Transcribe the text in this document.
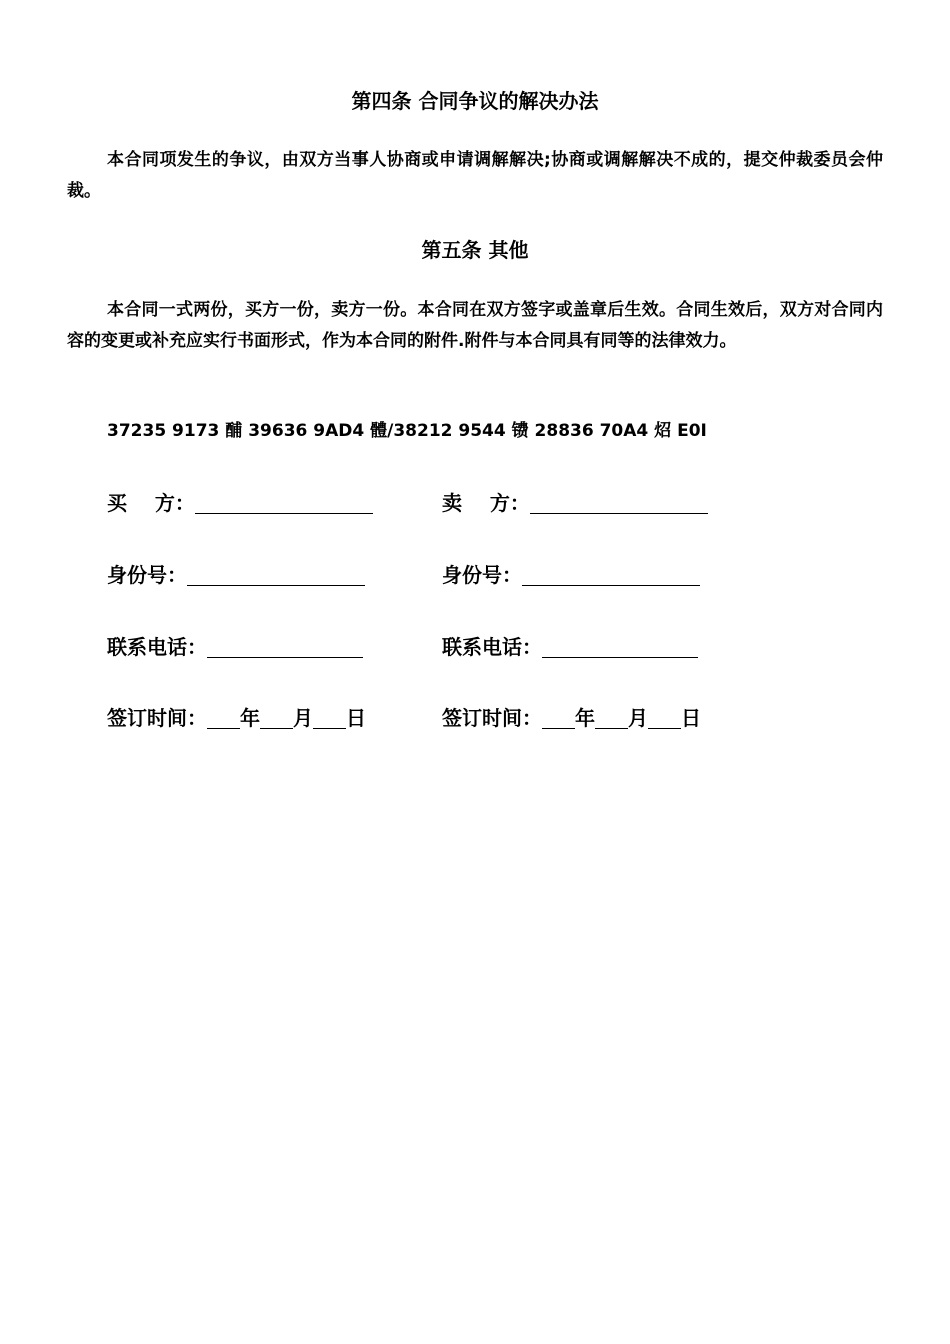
第四条 合同争议的解决办法

本合同项发生的争议，由双方当事人协商或申请调解解决;协商或调解解决不成的，提交仲裁委员会仲裁。

第五条 其他

本合同一式两份，买方一份，卖方一份。本合同在双方签字或盖章后生效。合同生效后，双方对合同内容的变更或补充应实行书面形式，作为本合同的附件.附件与本合同具有同等的法律效力。

37235 9173 酺 39636 9AD4 體/38212 9544 镄 28836 70A4 炤 E0I

买    方：	卖    方：
身份号：	身份号：
联系电话：	联系电话：
签订时间： 年 月 日	签订时间： 年 月 日
